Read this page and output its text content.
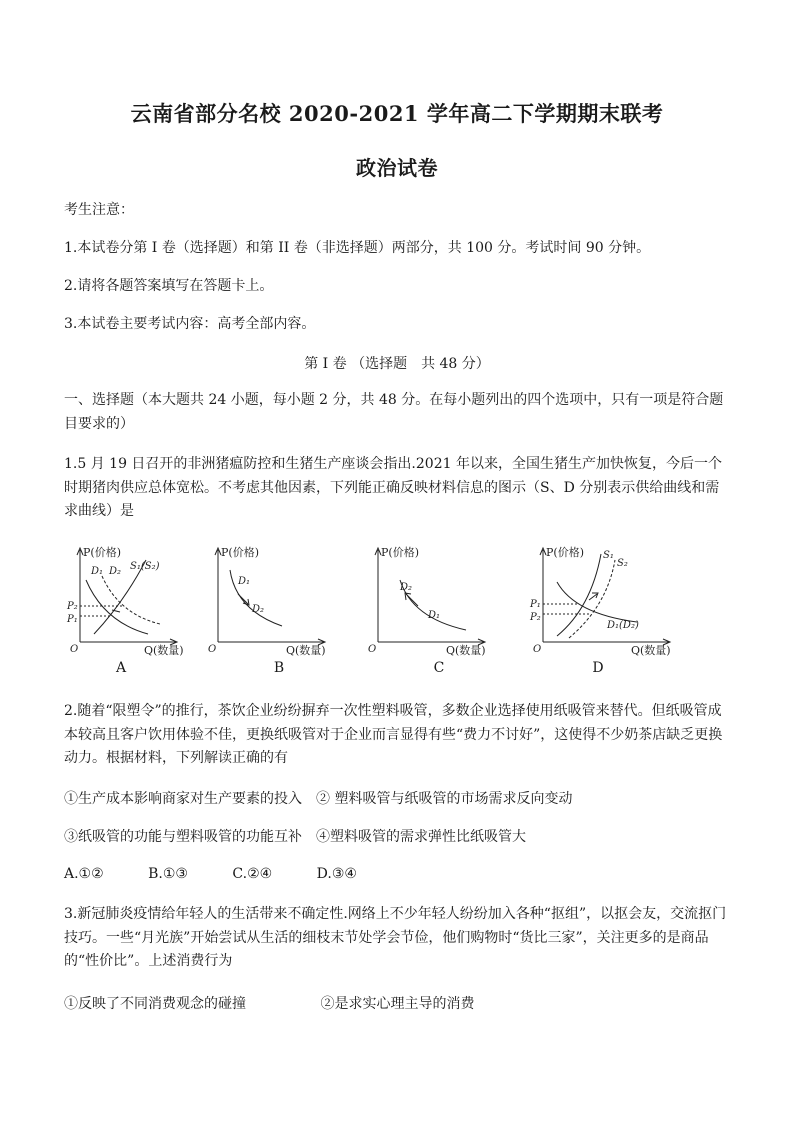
云南省部分名校 2020-2021 学年高二下学期期末联考
政治试卷
考生注意：
1.本试卷分第 I 卷（选择题）和第 II 卷（非选择题）两部分，共 100 分。考试时间 90 分钟。
2.请将各题答案填写在答题卡上。
3.本试卷主要考试内容：高考全部内容。
第 I 卷 （选择题　共 48 分）
一、选择题（本大题共 24 小题，每小题 2 分，共 48 分。在每小题列出的四个选项中，只有一项是符合题目要求的）
1.5 月 19 日召开的非洲猪瘟防控和生猪生产座谈会指出.2021 年以来，全国生猪生产加快恢复，今后一个时期猪肉供应总体宽松。不考虑其他因素，下列能正确反映材料信息的图示（S、D 分别表示供给曲线和需求曲线）是
P(价格)
D₁ D₂ S₁(S₂)
P₂
P₁
O	Q(数量)
A
P(价格)
D₁
D₂
O	Q(数量)
B
P(价格)
D₂
D₁
O	Q(数量)
C
P(价格) S₁
S₂
D₁(D₂)
P₁
P₂
O	Q(数量)
D
2.随着“限塑令”的推行，茶饮企业纷纷摒弃一次性塑料吸管，多数企业选择使用纸吸管来替代。但纸吸管成本较高且客户饮用体验不佳，更换纸吸管对于企业而言显得有些“费力不讨好”，这使得不少奶茶店缺乏更换动力。根据材料，下列解读正确的有
①生产成本影响商家对生产要素的投入　② 塑料吸管与纸吸管的市场需求反向变动
③纸吸管的功能与塑料吸管的功能互补　④塑料吸管的需求弹性比纸吸管大
A.①②	B.①③	C.②④	D.③④
3.新冠肺炎疫情给年轻人的生活带来不确定性.网络上不少年轻人纷纷加入各种“抠组”，以抠会友，交流抠门技巧。一些“月光族”开始尝试从生活的细枝末节处学会节俭，他们购物时“货比三家”，关注更多的是商品的“性价比”。上述消费行为
①反映了不同消费观念的碰撞	②是求实心理主导的消费
